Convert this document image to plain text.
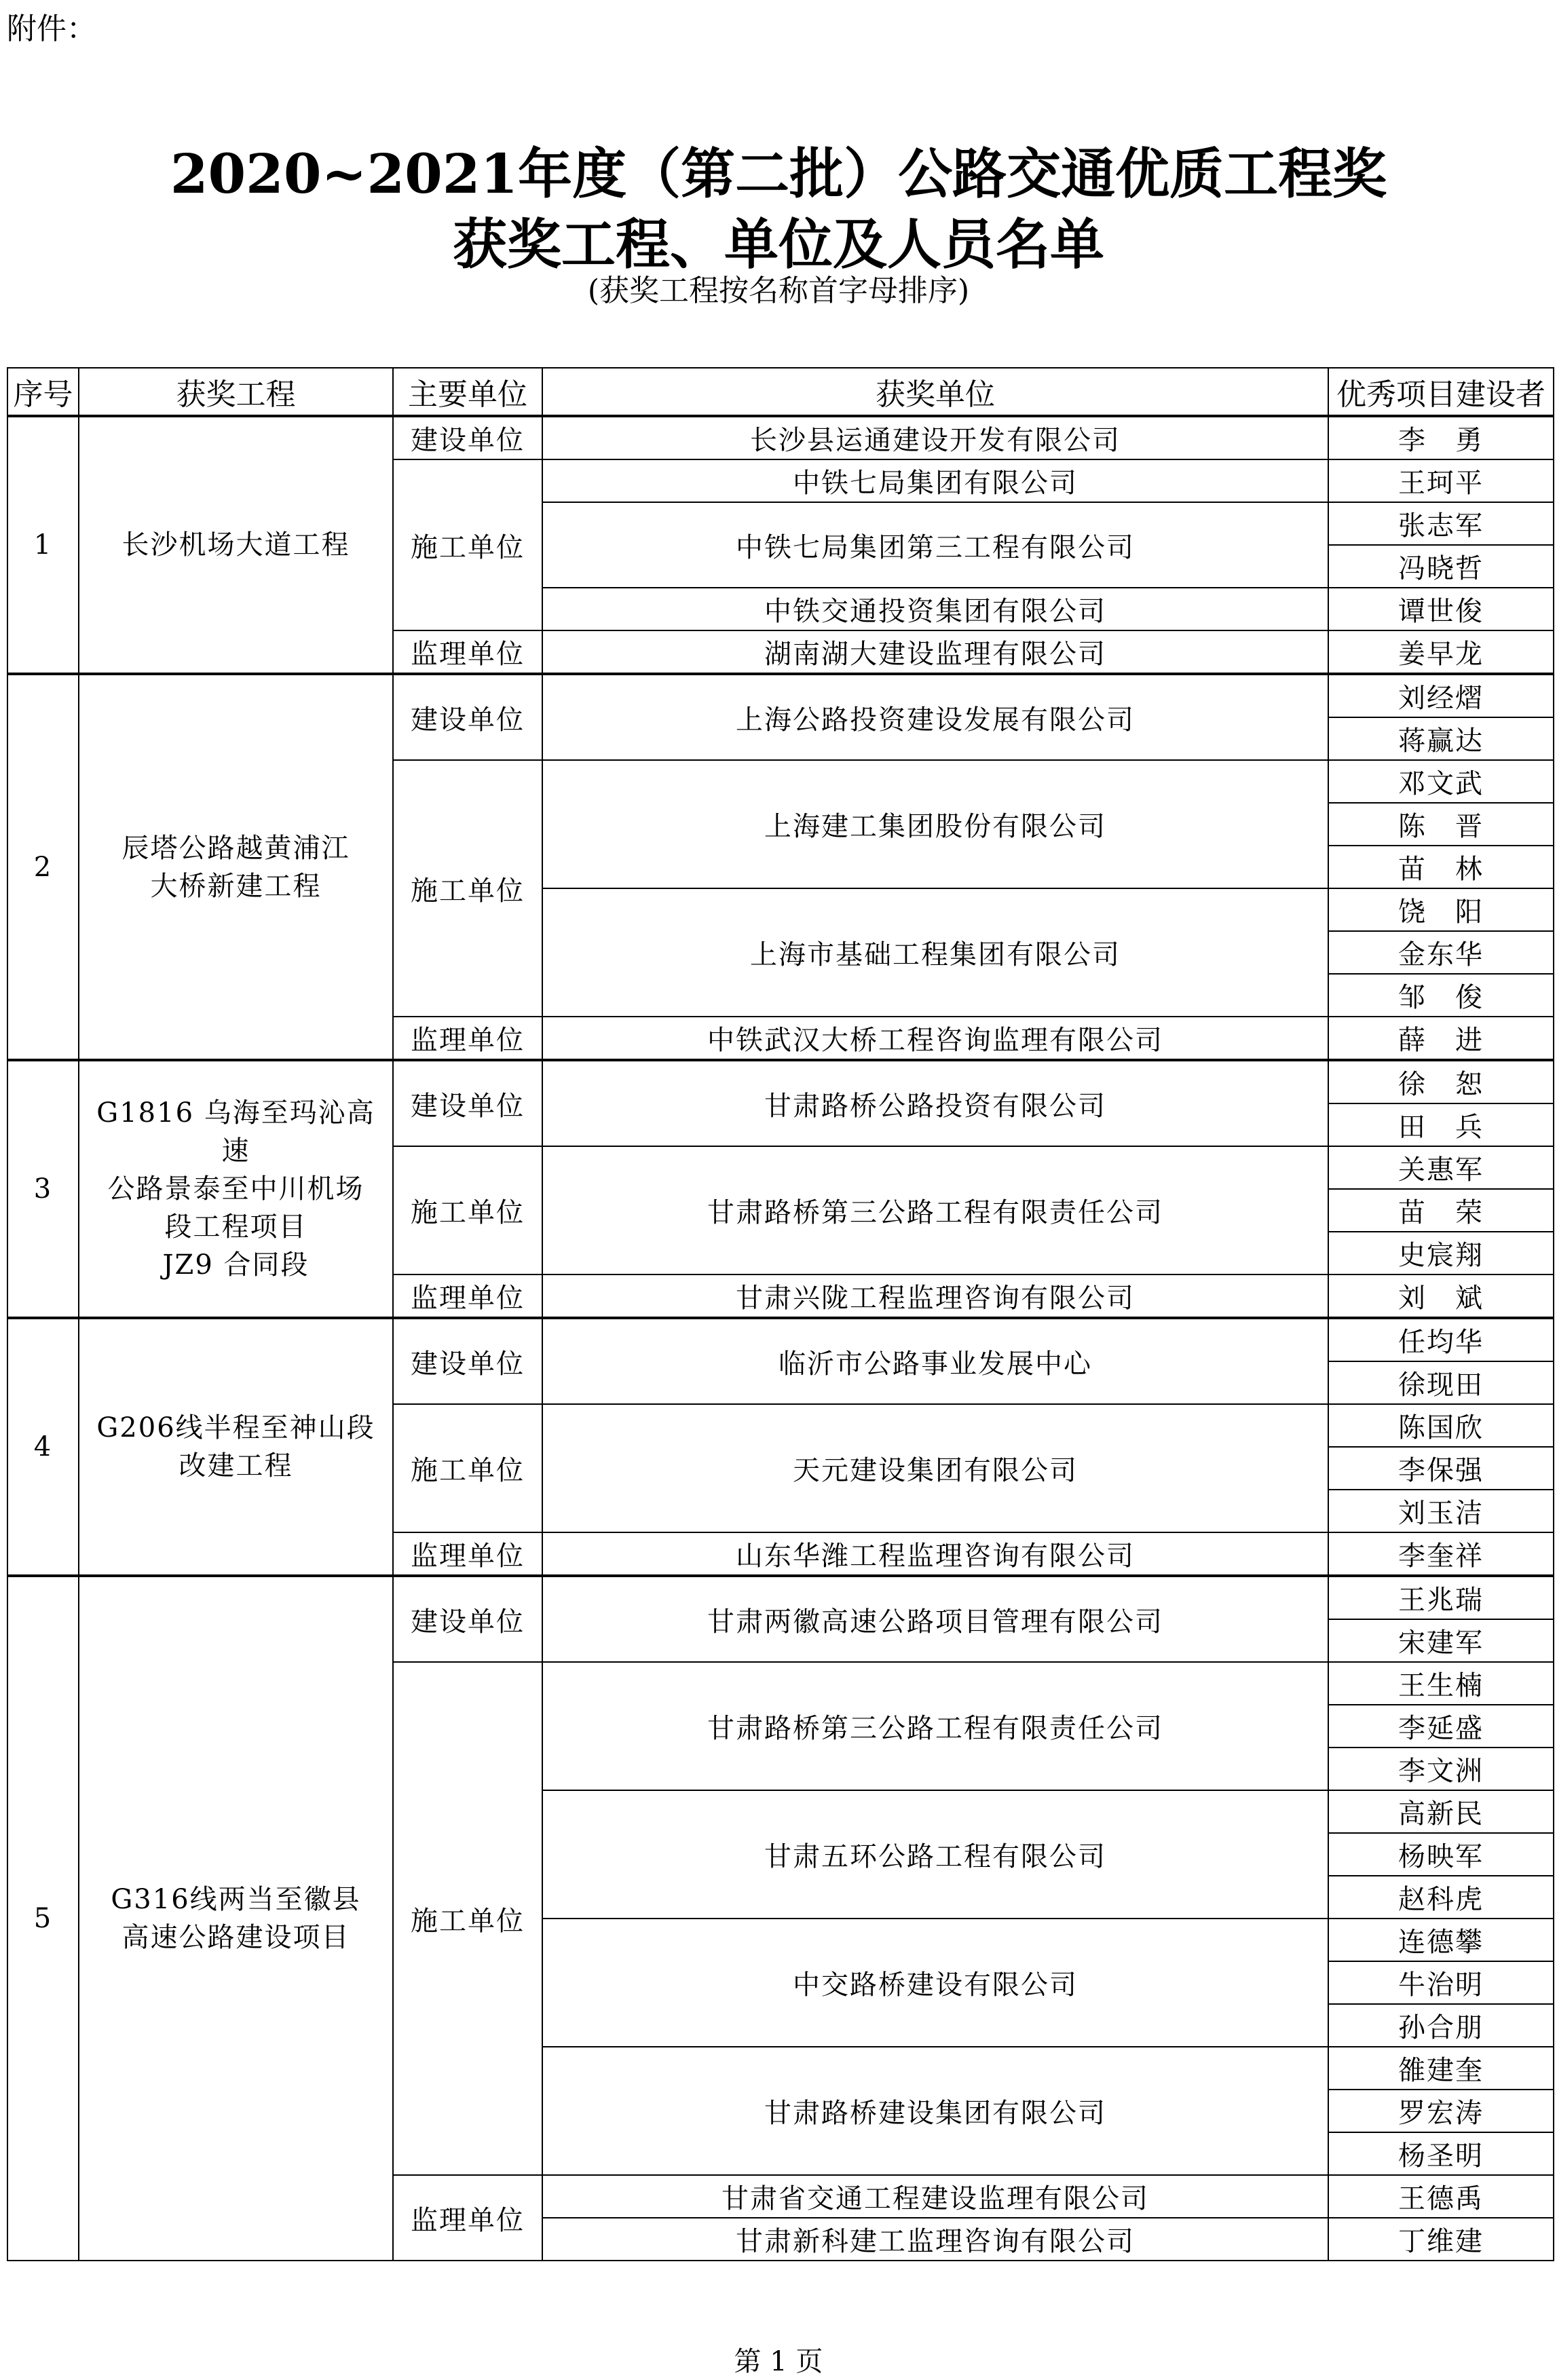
附件：
2020~2021年度（第二批）公路交通优质工程奖
获奖工程、单位及人员名单
(获奖工程按名称首字母排序)
序号	获奖工程	主要单位	获奖单位	优秀项目建设者
1	长沙机场大道工程	建设单位	长沙县运通建设开发有限公司	李　勇
		施工单位	中铁七局集团有限公司	王珂平
			中铁七局集团第三工程有限公司	张志军
				冯晓哲
			中铁交通投资集团有限公司	谭世俊
		监理单位	湖南湖大建设监理有限公司	姜早龙
2	辰塔公路越黄浦江
大桥新建工程	建设单位	上海公路投资建设发展有限公司	刘经熠
				蒋赢达
		施工单位	上海建工集团股份有限公司	邓文武
				陈　晋
				苗　林
			上海市基础工程集团有限公司	饶　阳
				金东华
				邹　俊
		监理单位	中铁武汉大桥工程咨询监理有限公司	薛　进
3	G1816 乌海至玛沁高速
公路景泰至中川机场
段工程项目
JZ9 合同段	建设单位	甘肃路桥公路投资有限公司	徐　恕
				田　兵
		施工单位	甘肃路桥第三公路工程有限责任公司	关惠军
				苗　荣
				史宸翔
		监理单位	甘肃兴陇工程监理咨询有限公司	刘　斌
4	G206线半程至神山段
改建工程	建设单位	临沂市公路事业发展中心	任均华
				徐现田
		施工单位	天元建设集团有限公司	陈国欣
				李保强
				刘玉洁
		监理单位	山东华潍工程监理咨询有限公司	李奎祥
5	G316线两当至徽县
高速公路建设项目	建设单位	甘肃两徽高速公路项目管理有限公司	王兆瑞
				宋建军
		施工单位	甘肃路桥第三公路工程有限责任公司	王生楠
				李延盛
				李文洲
			甘肃五环公路工程有限公司	高新民
				杨映军
				赵科虎
			中交路桥建设有限公司	连德攀
				牛治明
				孙合朋
			甘肃路桥建设集团有限公司	雒建奎
				罗宏涛
				杨圣明
		监理单位	甘肃省交通工程建设监理有限公司	王德禹
			甘肃新科建工监理咨询有限公司	丁维建
第 1 页
